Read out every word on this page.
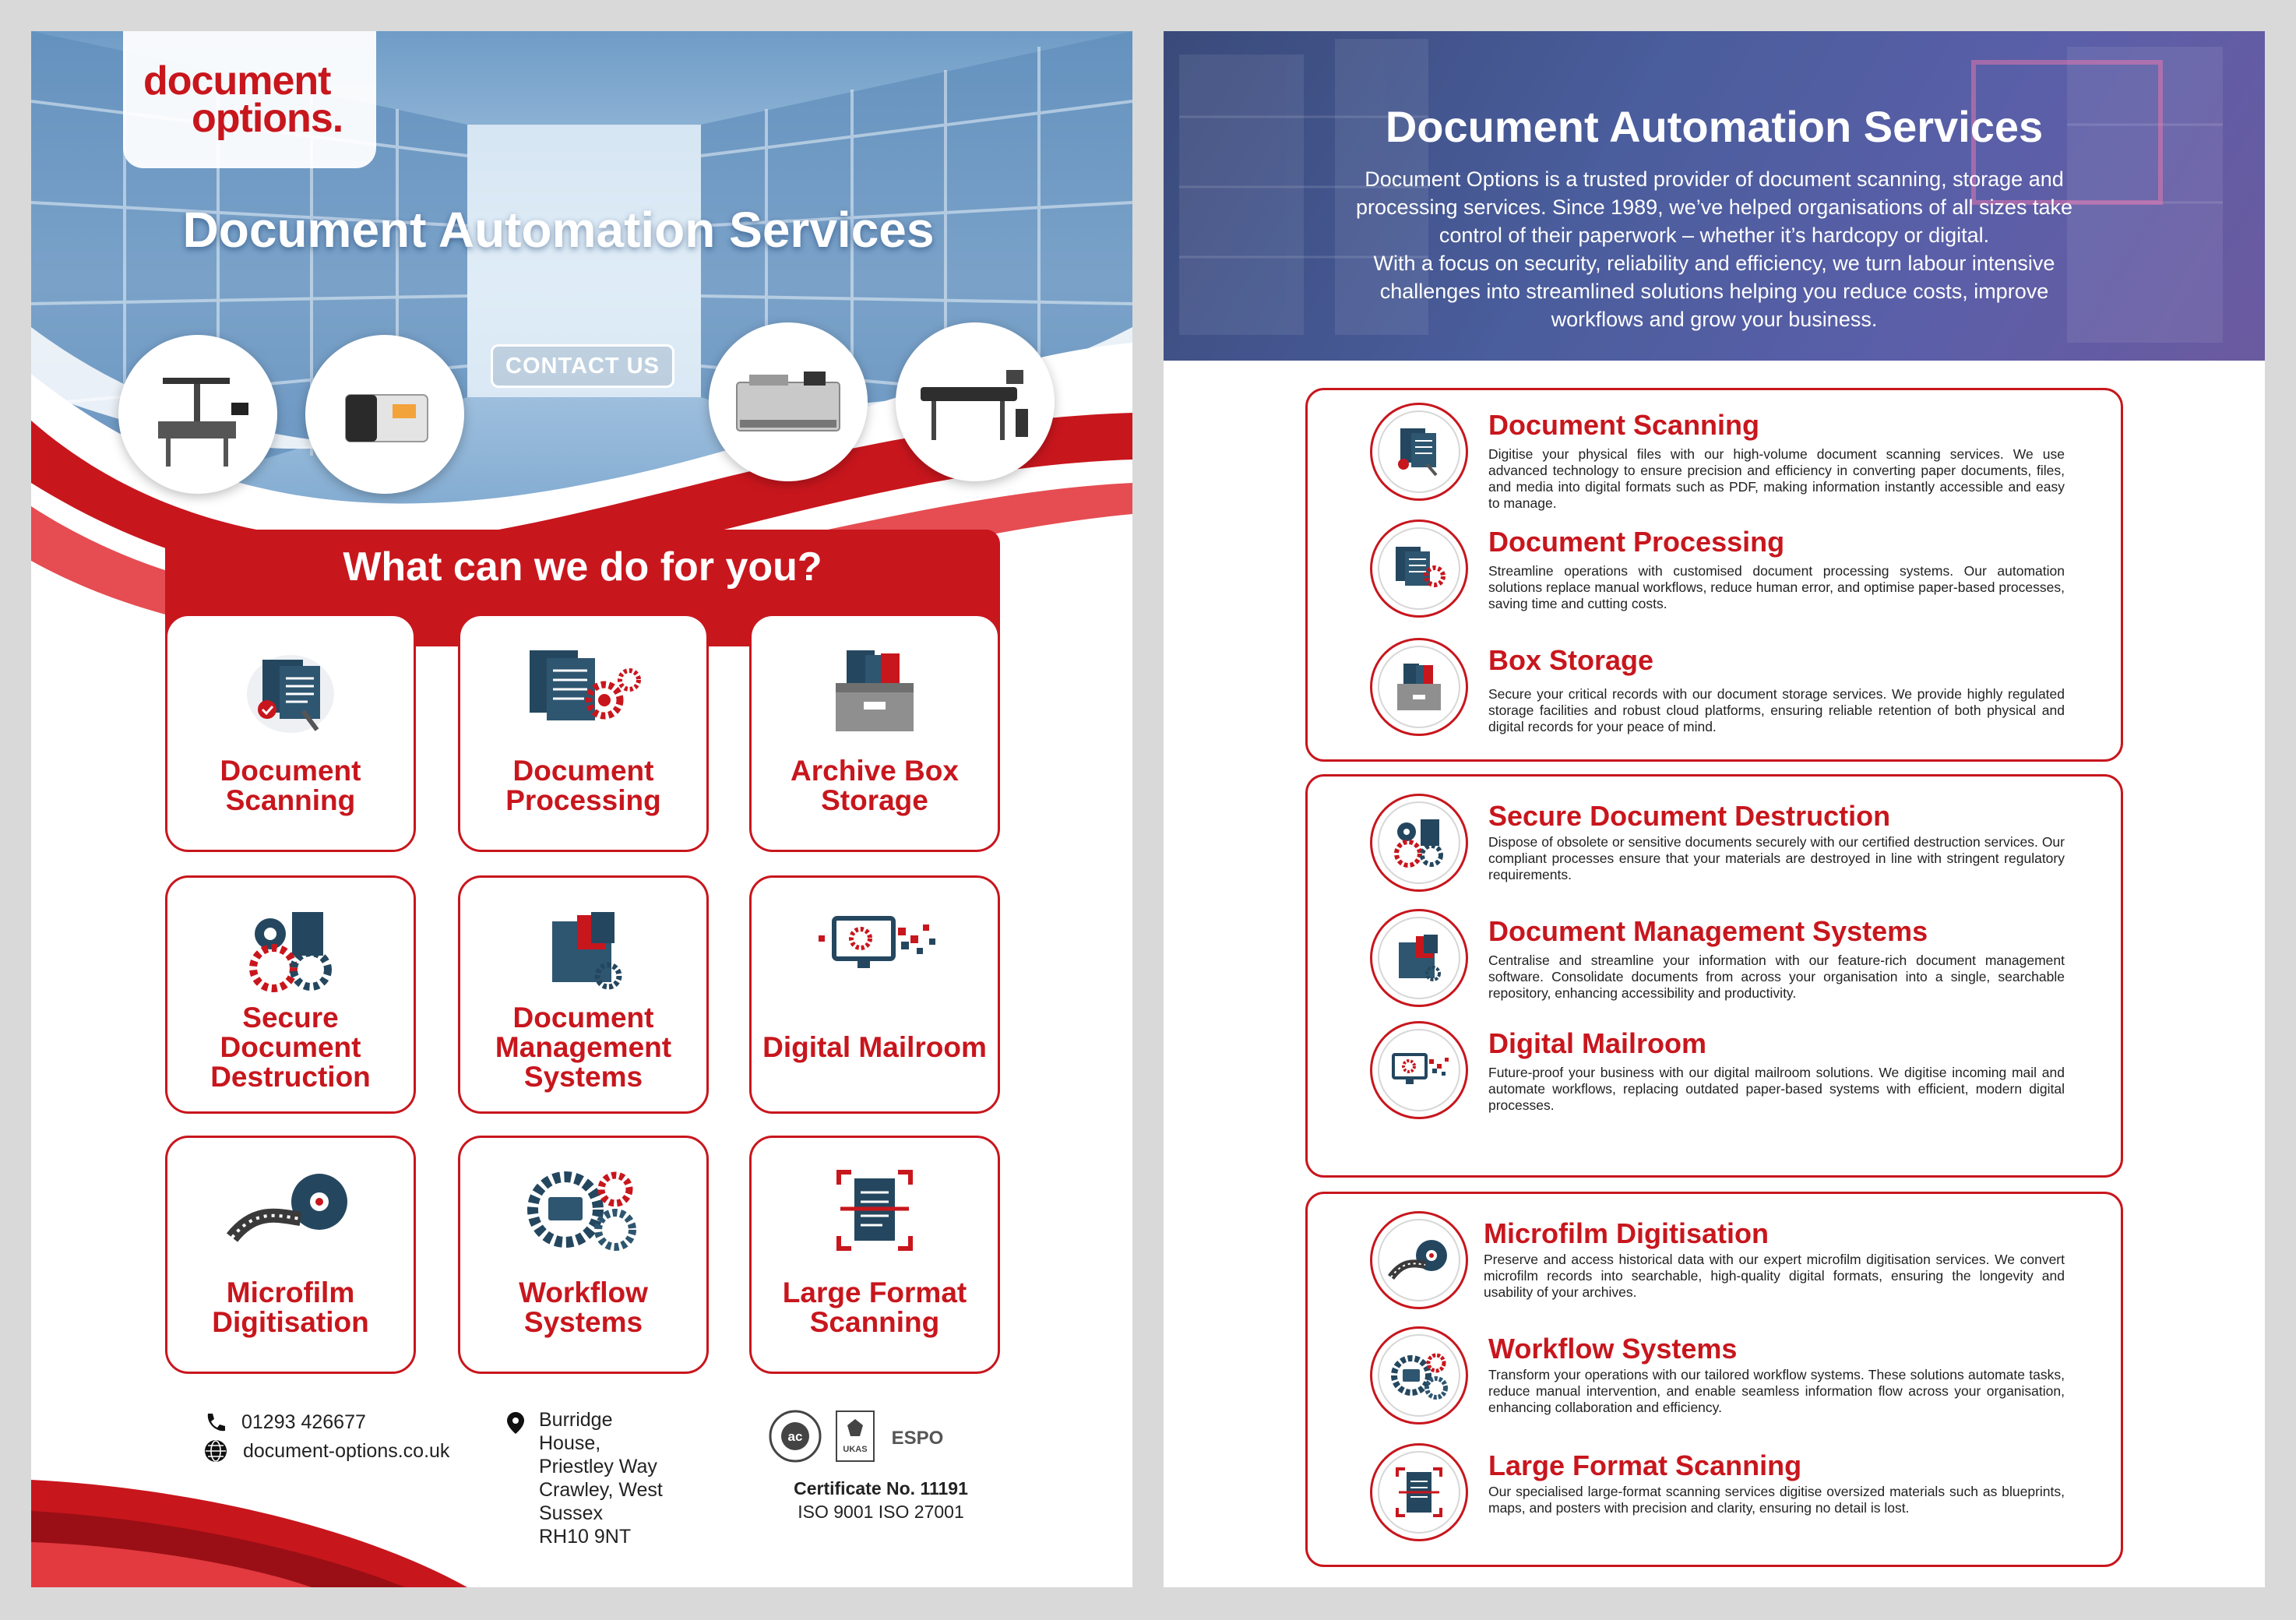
document
options.
Document Automation Services
CONTACT US
What can we do for you?
Document Scanning
Document Processing
Archive Box Storage
Secure Document Destruction
Document Management Systems
Digital Mailroom
Microfilm Digitisation
Workflow Systems
Large Format Scanning
01293 426677
document-options.co.uk
Burridge
House,
Priestley Way
Crawley, West
Sussex
RH10 9NT
ac
UKAS
ESPO
Certificate No. 11191
ISO 9001 ISO 27001
Document Automation Services
Document Options is a trusted provider of document scanning, storage and
processing services. Since 1989, we’ve helped organisations of all sizes take
control of their paperwork – whether it’s hardcopy or digital.
With a focus on security, reliability and efficiency, we turn labour intensive
challenges into streamlined solutions helping you reduce costs, improve
workflows and grow your business.
Document Scanning
Digitise your physical files with our high-volume document scanning services. We use advanced technology to ensure precision and efficiency in converting paper documents, files, and media into digital formats such as PDF, making information instantly accessible and easy to manage.
Document Processing
Streamline operations with customised document processing systems. Our automation solutions replace manual workflows, reduce human error, and optimise paper-based processes, saving time and cutting costs.
Box Storage
Secure your critical records with our document storage services. We provide highly regulated storage facilities and robust cloud platforms, ensuring reliable retention of both physical and digital records for your peace of mind.
Secure Document Destruction
Dispose of obsolete or sensitive documents securely with our certified destruction services. Our compliant processes ensure that your materials are destroyed in line with stringent regulatory requirements.
Document Management Systems
Centralise and streamline your information with our feature-rich document management software. Consolidate documents from across your organisation into a single, searchable repository, enhancing accessibility and productivity.
Digital Mailroom
Future-proof your business with our digital mailroom solutions. We digitise incoming mail and automate workflows, replacing outdated paper-based systems with efficient, modern digital processes.
Microfilm Digitisation
Preserve and access historical data with our expert microfilm digitisation services. We convert microfilm records into searchable, high-quality digital formats, ensuring the longevity and usability of your archives.
Workflow Systems
Transform your operations with our tailored workflow systems. These solutions automate tasks, reduce manual intervention, and enable seamless information flow across your organisation, enhancing collaboration and efficiency.
Large Format Scanning
Our specialised large-format scanning services digitise oversized materials such as blueprints, maps, and posters with precision and clarity, ensuring no detail is lost.
